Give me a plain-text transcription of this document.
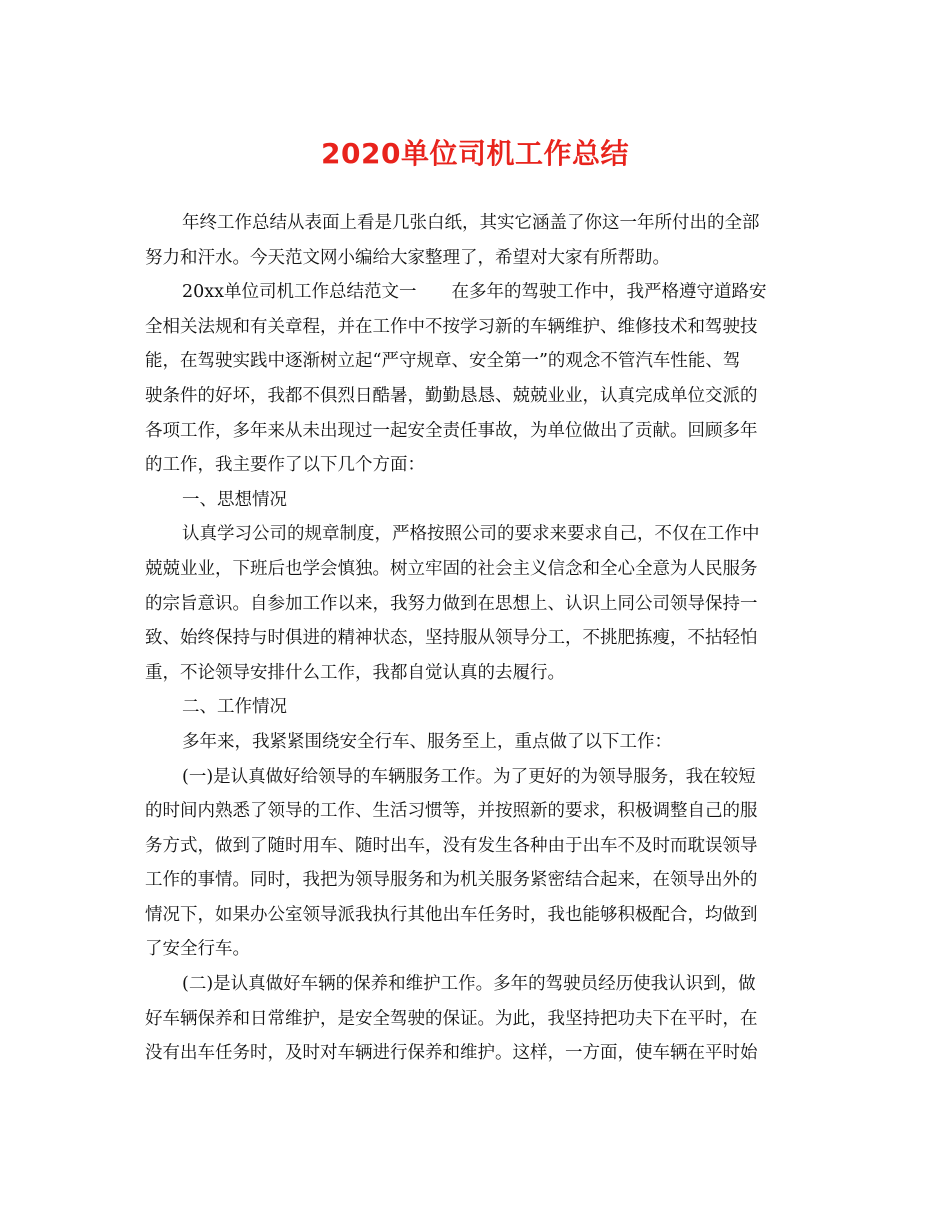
2020单位司机工作总结
年终工作总结从表面上看是几张白纸，其实它涵盖了你这一年所付出的全部
努力和汗水。今天范文网小编给大家整理了，希望对大家有所帮助。
20xx单位司机工作总结范文一　　在多年的驾驶工作中，我严格遵守道路安
全相关法规和有关章程，并在工作中不按学习新的车辆维护、维修技术和驾驶技
能，在驾驶实践中逐渐树立起“严守规章、安全第一”的观念不管汽车性能、驾
驶条件的好坏，我都不俱烈日酷暑，勤勤恳恳、兢兢业业，认真完成单位交派的
各项工作，多年来从未出现过一起安全责任事故，为单位做出了贡献。回顾多年
的工作，我主要作了以下几个方面：
一、思想情况
认真学习公司的规章制度，严格按照公司的要求来要求自己，不仅在工作中
兢兢业业，下班后也学会慎独。树立牢固的社会主义信念和全心全意为人民服务
的宗旨意识。自参加工作以来，我努力做到在思想上、认识上同公司领导保持一
致、始终保持与时俱进的精神状态，坚持服从领导分工，不挑肥拣瘦，不拈轻怕
重，不论领导安排什么工作，我都自觉认真的去履行。
二、工作情况
多年来，我紧紧围绕安全行车、服务至上，重点做了以下工作：
(一)是认真做好给领导的车辆服务工作。为了更好的为领导服务，我在较短
的时间内熟悉了领导的工作、生活习惯等，并按照新的要求，积极调整自己的服
务方式，做到了随时用车、随时出车，没有发生各种由于出车不及时而耽误领导
工作的事情。同时，我把为领导服务和为机关服务紧密结合起来，在领导出外的
情况下，如果办公室领导派我执行其他出车任务时，我也能够积极配合，均做到
了安全行车。
(二)是认真做好车辆的保养和维护工作。多年的驾驶员经历使我认识到，做
好车辆保养和日常维护，是安全驾驶的保证。为此，我坚持把功夫下在平时，在
没有出车任务时，及时对车辆进行保养和维护。这样，一方面，使车辆在平时始
